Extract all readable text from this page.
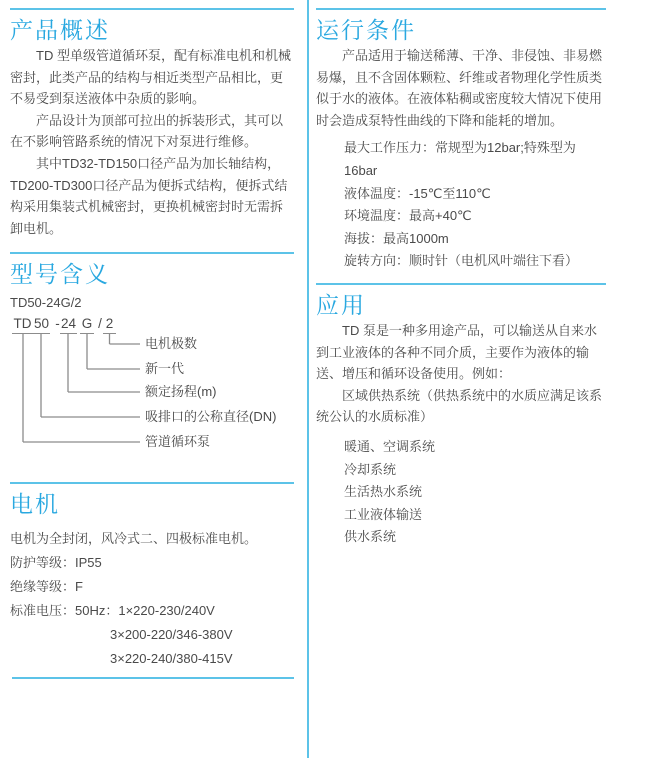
产品概述

TD 型单级管道循环泵，配有标准电机和机械密封，此类产品的结构与相近类型产品相比，更不易受到泵送液体中杂质的影响。

产品设计为顶部可拉出的拆装形式，其可以在不影响管路系统的情况下对泵进行维修。

其中TD32-TD150口径产品为加长轴结构，TD200-TD300口径产品为便拆式结构，便拆式结构采用集装式机械密封，更换机械密封时无需拆卸电机。

型号含义

TD50-24G/2

TD 50 - 24 G / 2
电机极数
新一代
额定扬程(m)
吸排口的公称直径(DN)
管道循环泵
电机
电机为全封闭，风冷式二、四极标准电机。
防护等级：IP55
绝缘等级：F
标准电压：50Hz：1×220-230/240V
3×200-220/346-380V
3×220-240/380-415V
运行条件

产品适用于输送稀薄、干净、非侵蚀、非易燃易爆，且不含固体颗粒、纤维或者物理化学性质类似于水的液体。在液体粘稠或密度较大情况下使用时会造成泵特性曲线的下降和能耗的增加。

最大工作压力：常规型为12bar;特殊型为16bar
液体温度：-15℃至110℃
环境温度：最高+40℃
海拔：最高1000m
旋转方向：顺时针（电机风叶端往下看）
应用

TD 泵是一种多用途产品，可以输送从自来水到工业液体的各种不同介质，主要作为液体的输送、增压和循环设备使用。例如：

区域供热系统（供热系统中的水质应满足该系统公认的水质标准）

暖通、空调系统
冷却系统
生活热水系统
工业液体输送
供水系统
